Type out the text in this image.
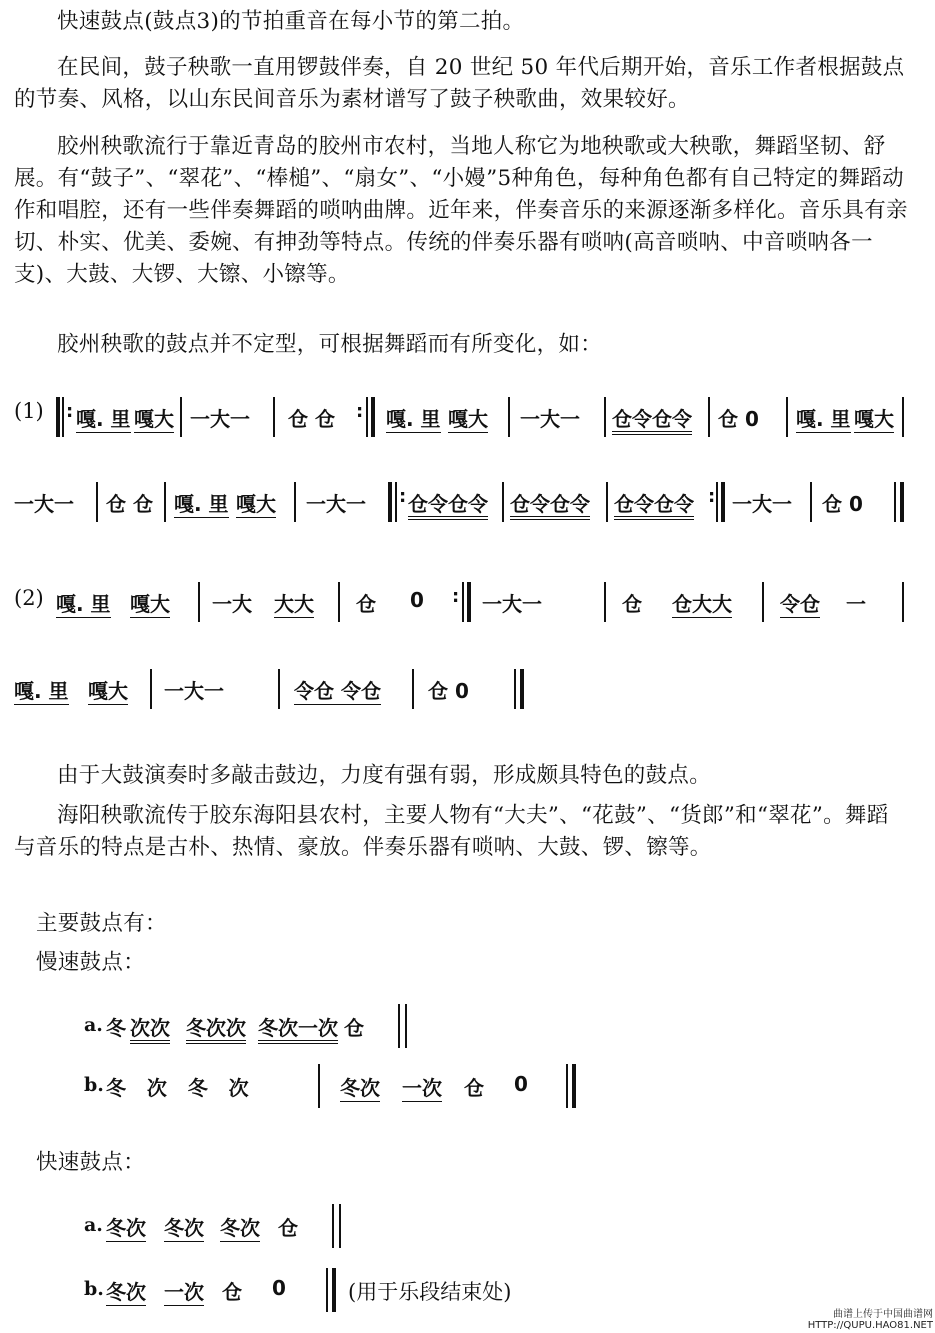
快速鼓点(鼓点3)的节拍重音在每小节的第二拍。

在民间，鼓子秧歌一直用锣鼓伴奏，自 20 世纪 50 年代后期开始，音乐工作者根据鼓点的节奏、风格，以山东民间音乐为素材谱写了鼓子秧歌曲，效果较好。

胶州秧歌流行于靠近青岛的胶州市农村，当地人称它为地秧歌或大秧歌，舞蹈坚韧、舒展。有“鼓子”、“翠花”、“棒槌”、“扇女”、“小嫚”5种角色，每种角色都有自己特定的舞蹈动作和唱腔，还有一些伴奏舞蹈的唢呐曲牌。近年来，伴奏音乐的来源逐渐多样化。音乐具有亲切、朴实、优美、委婉、有抻劲等特点。传统的伴奏乐器有唢呐(高音唢呐、中音唢呐各一支)、大鼓、大锣、大镲、小镲等。

胶州秧歌的鼓点并不定型，可根据舞蹈而有所变化，如：

(1) : 嘎. 里 嘎大 一大一 仓 仓 : 嘎. 里 嘎大 一大一 仓令仓令 仓 0 嘎. 里 嘎大
一大一 仓 仓 嘎. 里 嘎大 一大一 : 仓令仓令 仓令仓令 仓令仓令 : 一大一 仓 0
(2) 嘎. 里 嘎大 一大 大大 仓 0 : 一大一	仓 仓大大 令仓 一
嘎. 里 嘎大 一大一	令仓 令仓 仓 0

由于大鼓演奏时多敲击鼓边，力度有强有弱，形成颇具特色的鼓点。

海阳秧歌流传于胶东海阳县农村，主要人物有“大夫”、“花鼓”、“货郎”和“翠花”。舞蹈与音乐的特点是古朴、热情、豪放。伴奏乐器有唢呐、大鼓、锣、镲等。

主要鼓点有：

慢速鼓点：

a. 冬 次次 冬次次 冬次一次 仓
b. 冬   次   冬   次	冬次 一次 仓 0

快速鼓点：

a. 冬次 冬次 冬次 仓
b. 冬次 一次 仓 0	(用于乐段结束处)
曲谱上传于中国曲谱网
HTTP://QUPU.HAO81.NET
